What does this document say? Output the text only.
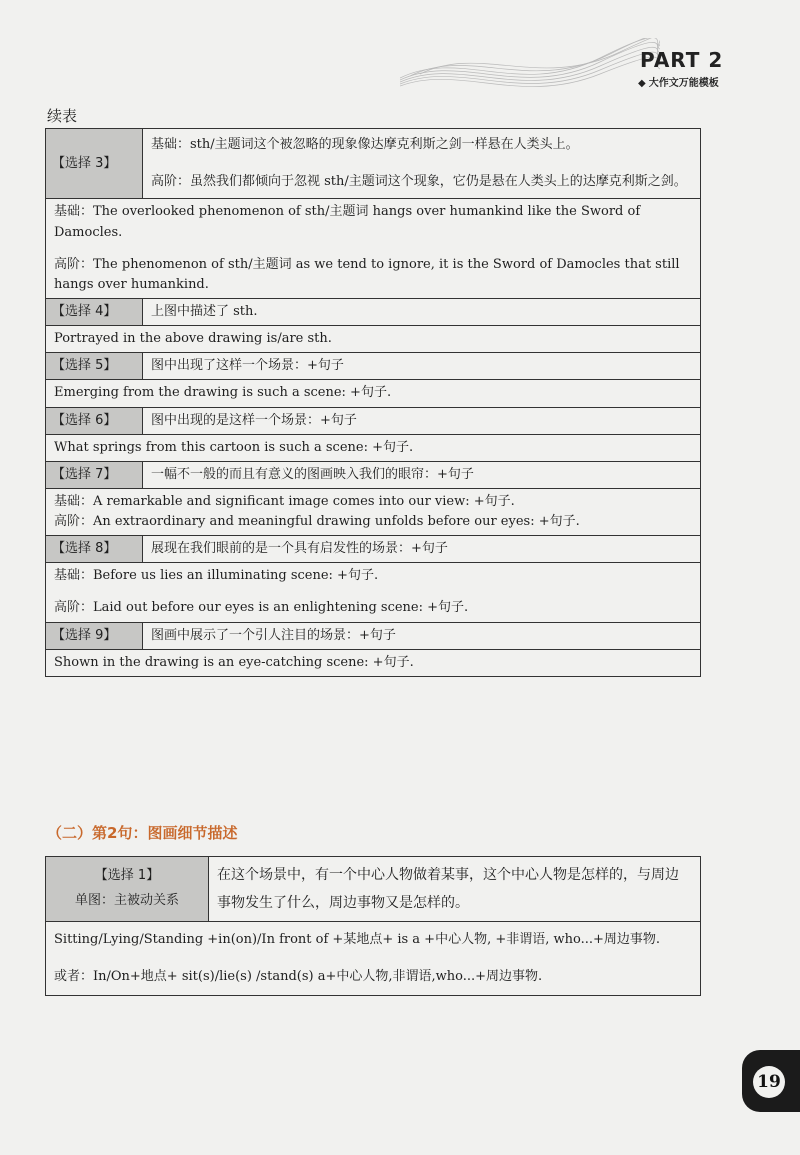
PART 2
◆ 大作文万能模板
续表
【选择 3】	基础：sth/主题词这个被忽略的现象像达摩克利斯之剑一样悬在人类头上。
高阶：虽然我们都倾向于忽视 sth/主题词这个现象，它仍是悬在人类头上的达摩克利斯之剑。

基础：The overlooked phenomenon of sth/主题词 hangs over humankind like the Sword of Damocles.
高阶：The phenomenon of sth/主题词 as we tend to ignore, it is the Sword of Damocles that still hangs over humankind.	

【选择 4】	上图中描述了 sth.
Portrayed in the above drawing is/are sth.	
【选择 5】	图中出现了这样一个场景：+句子
Emerging from the drawing is such a scene: +句子.	
【选择 6】	图中出现的是这样一个场景：+句子
What springs from this cartoon is such a scene: +句子.	
【选择 7】	一幅不一般的而且有意义的图画映入我们的眼帘：+句子

基础：A remarkable and significant image comes into our view: +句子.
高阶：An extraordinary and meaningful drawing unfolds before our eyes: +句子.	

【选择 8】	展现在我们眼前的是一个具有启发性的场景：+句子

基础：Before us lies an illuminating scene: +句子.
高阶：Laid out before our eyes is an enlightening scene: +句子.	

【选择 9】	图画中展示了一个引人注目的场景：+句子
Shown in the drawing is an eye-catching scene: +句子.	
（二）第2句：图画细节描述
【选择 1】
单图：主被动关系
	在这个场景中，有一个中心人物做着某事，这个中心人物是怎样的，与周边事物发生了什么，周边事物又是怎样的。

Sitting/Lying/Standing +in(on)/In front of +某地点+ is a +中心人物, +非谓语, who...+周边事物.
或者：In/On+地点+ sit(s)/lie(s) /stand(s) a+中心人物,非谓语,who...+周边事物.
19
